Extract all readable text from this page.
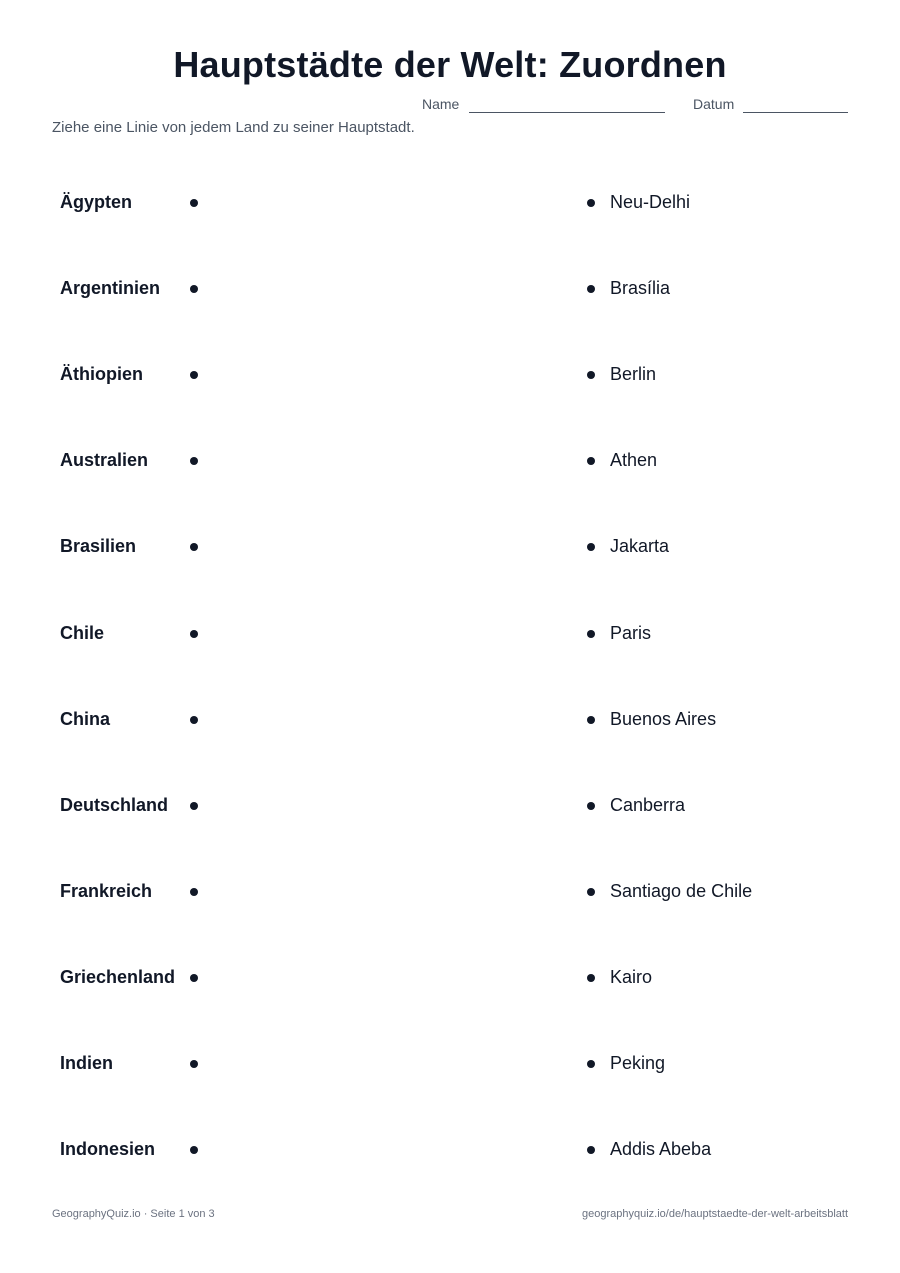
Hauptstädte der Welt: Zuordnen
Name	Datum
Ziehe eine Linie von jedem Land zu seiner Hauptstadt.
Ägypten	Neu-Delhi
Argentinien	Brasília
Äthiopien	Berlin
Australien	Athen
Brasilien	Jakarta
Chile	Paris
China	Buenos Aires
Deutschland	Canberra
Frankreich	Santiago de Chile
Griechenland	Kairo
Indien	Peking
Indonesien	Addis Abeba
GeographyQuiz.io · Seite 1 von 3	geographyquiz.io/de/hauptstaedte-der-welt-arbeitsblatt
